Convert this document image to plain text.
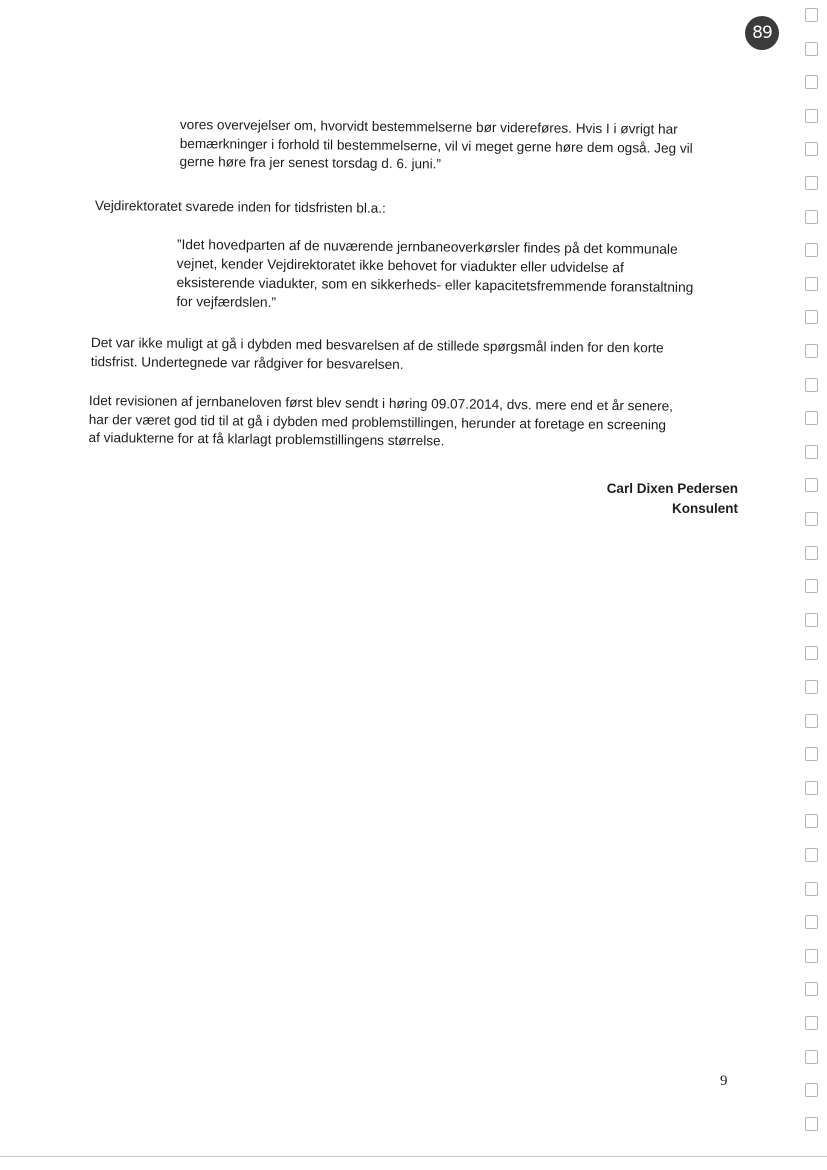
89

vores overvejelser om, hvorvidt bestemmelserne bør videreføres. Hvis I i øvrigt har

bemærkninger i forhold til bestemmelserne, vil vi meget gerne høre dem også. Jeg vil

gerne høre fra jer senest torsdag d. 6. juni.”

Vejdirektoratet svarede inden for tidsfristen bl.a.:

”Idet hovedparten af de nuværende jernbaneoverkørsler findes på det kommunale

vejnet, kender Vejdirektoratet ikke behovet for viadukter eller udvidelse af

eksisterende viadukter, som en sikkerheds- eller kapacitetsfremmende foranstaltning

for vejfærdslen.”

Det var ikke muligt at gå i dybden med besvarelsen af de stillede spørgsmål inden for den korte

tidsfrist. Undertegnede var rådgiver for besvarelsen.

Idet revisionen af jernbaneloven først blev sendt i høring 09.07.2014, dvs. mere end et år senere,

har der været god tid til at gå i dybden med problemstillingen, herunder at foretage en screening

af viadukterne for at få klarlagt problemstillingens størrelse.

Carl Dixen Pedersen
Konsulent
9
